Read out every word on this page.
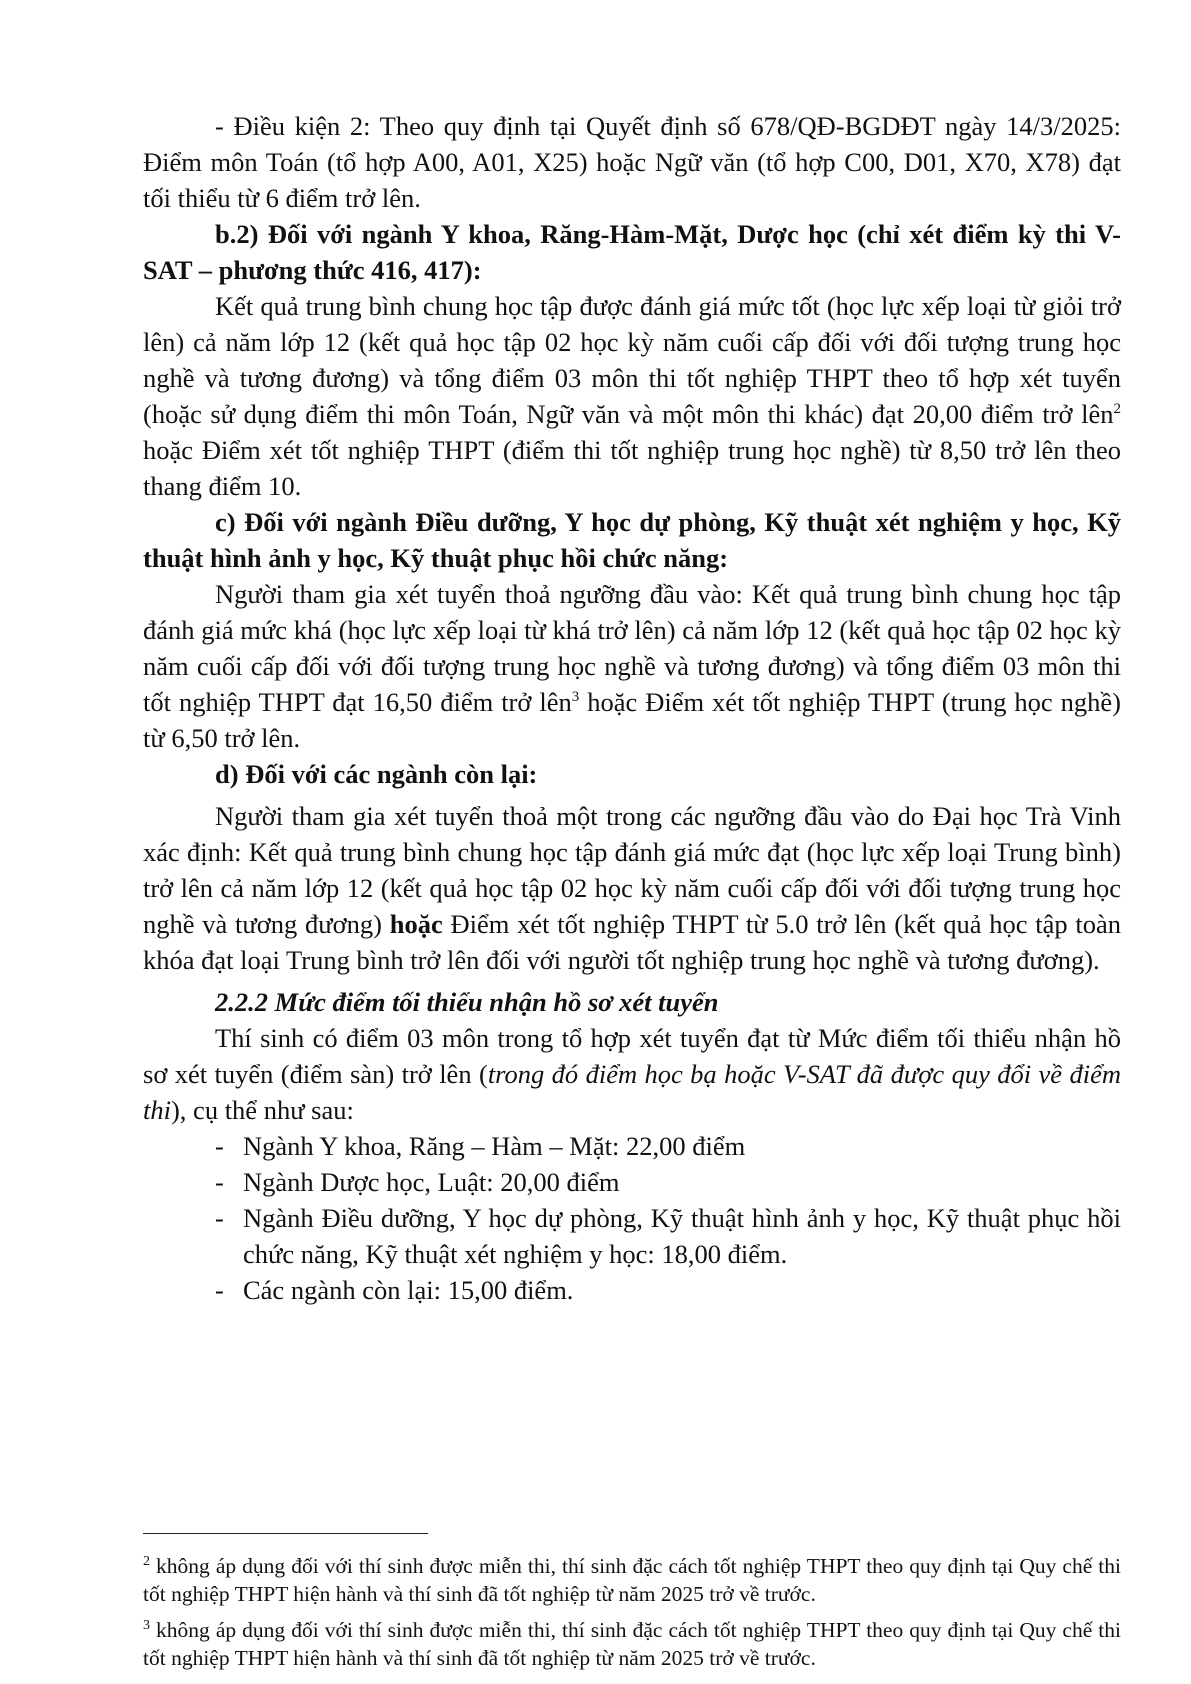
- Điều kiện 2: Theo quy định tại Quyết định số 678/QĐ-BGDĐT ngày 14/3/2025: Điểm môn Toán (tổ hợp A00, A01, X25) hoặc Ngữ văn (tổ hợp C00, D01, X70, X78) đạt tối thiểu từ 6 điểm trở lên.

b.2) Đối với ngành Y khoa, Răng-Hàm-Mặt, Dược học (chỉ xét điểm kỳ thi V-SAT – phương thức 416, 417):

Kết quả trung bình chung học tập được đánh giá mức tốt (học lực xếp loại từ giỏi trở lên) cả năm lớp 12 (kết quả học tập 02 học kỳ năm cuối cấp đối với đối tượng trung học nghề và tương đương) và tổng điểm 03 môn thi tốt nghiệp THPT theo tổ hợp xét tuyển (hoặc sử dụng điểm thi môn Toán, Ngữ văn và một môn thi khác) đạt 20,00 điểm trở lên$^2$ hoặc Điểm xét tốt nghiệp THPT (điểm thi tốt nghiệp trung học nghề) từ 8,50 trở lên theo thang điểm 10.

c) Đối với ngành Điều dưỡng, Y học dự phòng, Kỹ thuật xét nghiệm y học, Kỹ thuật hình ảnh y học, Kỹ thuật phục hồi chức năng:

Người tham gia xét tuyển thoả ngưỡng đầu vào: Kết quả trung bình chung học tập đánh giá mức khá (học lực xếp loại từ khá trở lên) cả năm lớp 12 (kết quả học tập 02 học kỳ năm cuối cấp đối với đối tượng trung học nghề và tương đương) và tổng điểm 03 môn thi tốt nghiệp THPT đạt 16,50 điểm trở lên$^3$ hoặc Điểm xét tốt nghiệp THPT (trung học nghề) từ 6,50 trở lên.

d) Đối với các ngành còn lại:

Người tham gia xét tuyển thoả một trong các ngưỡng đầu vào do Đại học Trà Vinh xác định: Kết quả trung bình chung học tập đánh giá mức đạt (học lực xếp loại Trung bình) trở lên cả năm lớp 12 (kết quả học tập 02 học kỳ năm cuối cấp đối với đối tượng trung học nghề và tương đương) hoặc Điểm xét tốt nghiệp THPT từ 5.0 trở lên (kết quả học tập toàn khóa đạt loại Trung bình trở lên đối với người tốt nghiệp trung học nghề và tương đương).

2.2.2 Mức điểm tối thiểu nhận hồ sơ xét tuyển

Thí sinh có điểm 03 môn trong tổ hợp xét tuyển đạt từ Mức điểm tối thiểu nhận hồ sơ xét tuyển (điểm sàn) trở lên (trong đó điểm học bạ hoặc V-SAT đã được quy đổi về điểm thi), cụ thể như sau:

- Ngành Y khoa, Răng – Hàm – Mặt: 22,00 điểm
- Ngành Dược học, Luật: 20,00 điểm
- Ngành Điều dưỡng, Y học dự phòng, Kỹ thuật hình ảnh y học, Kỹ thuật phục hồi chức năng, Kỹ thuật xét nghiệm y học: 18,00 điểm.
- Các ngành còn lại: 15,00 điểm.

$^2$ không áp dụng đối với thí sinh được miễn thi, thí sinh đặc cách tốt nghiệp THPT theo quy định tại Quy chế thi tốt nghiệp THPT hiện hành và thí sinh đã tốt nghiệp từ năm 2025 trở về trước.

$^3$ không áp dụng đối với thí sinh được miễn thi, thí sinh đặc cách tốt nghiệp THPT theo quy định tại Quy chế thi tốt nghiệp THPT hiện hành và thí sinh đã tốt nghiệp từ năm 2025 trở về trước.
